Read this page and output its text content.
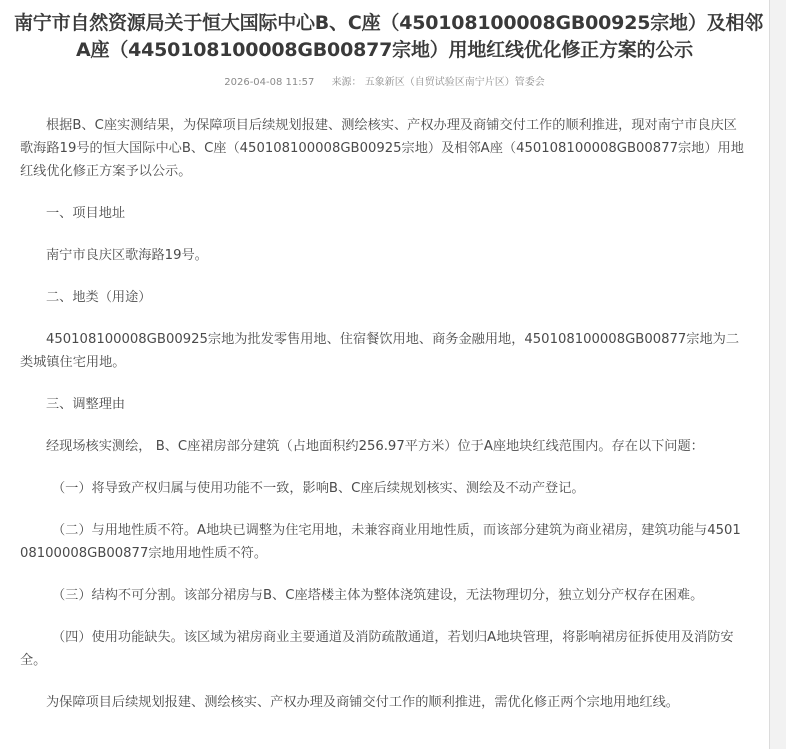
南宁市自然资源局关于恒大国际中心B、C座（450108100008GB00925宗地）及相邻
A座（4450108100008GB00877宗地）用地红线优化修正方案的公示
2026-04-08 11:57 来源： 五象新区（自贸试验区南宁片区）管委会

根据B、C座实测结果，为保障项目后续规划报建、测绘核实、产权办理及商铺交付工作的顺利推进，现对南宁市良庆区歌海路19号的恒大国际中心B、C座（450108100008GB00925宗地）及相邻A座（450108100008GB00877宗地）用地红线优化修正方案予以公示。

一、项目地址

南宁市良庆区歌海路19号。

二、地类（用途）

450108100008GB00925宗地为批发零售用地、住宿餐饮用地、商务金融用地，450108100008GB00877宗地为二类城镇住宅用地。

三、调整理由

经现场核实测绘， B、C座裙房部分建筑（占地面积约256.97平方米）位于A座地块红线范围内。存在以下问题：

（一）将导致产权归属与使用功能不一致，影响B、C座后续规划核实、测绘及不动产登记。

（二）与用地性质不符。A地块已调整为住宅用地，未兼容商业用地性质，而该部分建筑为商业裙房，建筑功能与450108100008GB00877宗地用地性质不符。

（三）结构不可分割。该部分裙房与B、C座塔楼主体为整体浇筑建设，无法物理切分，独立划分产权存在困难。

（四）使用功能缺失。该区域为裙房商业主要通道及消防疏散通道，若划归A地块管理，将影响裙房征拆使用及消防安全。

为保障项目后续规划报建、测绘核实、产权办理及商铺交付工作的顺利推进，需优化修正两个宗地用地红线。
